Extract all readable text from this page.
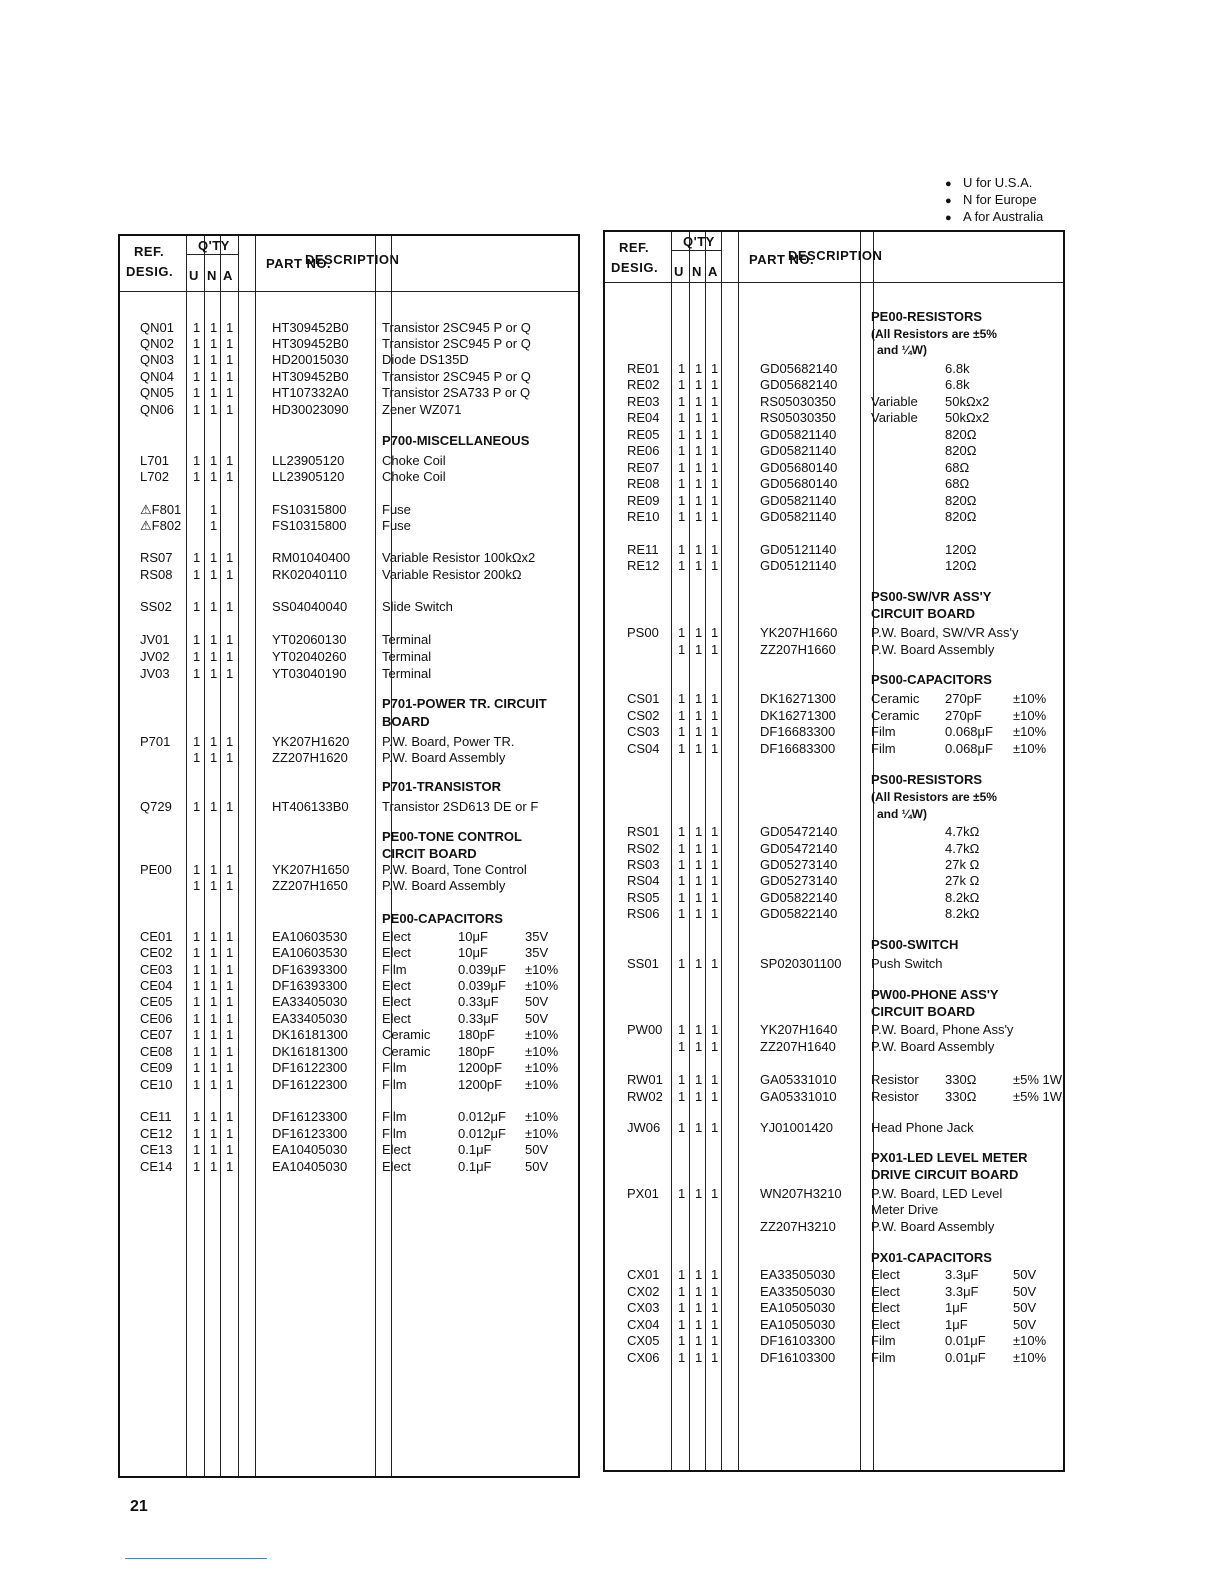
● U for U.S.A.
● N for Europe
● A for Australia
REF.
DESIG.
Q'TY
U N A
PART NO.
DESCRIPTION
P700-MISCELLANEOUS
P701-POWER TR. CIRCUIT
BOARD
P701-TRANSISTOR
PE00-TONE CONTROL
CIRCIT BOARD
PE00-CAPACITORS
QN01 1 1 1	HT309452B0	Transistor 2SC945 P or Q
QN02 1 1 1	HT309452B0	Transistor 2SC945 P or Q
QN03 1 1 1	HD20015030	Diode DS135D
QN04 1 1 1	HT309452B0	Transistor 2SC945 P or Q
QN05 1 1 1	HT107332A0	Transistor 2SA733 P or Q
QN06 1 1 1	HD30023090	Zener WZ071
L701 1 1 1	LL23905120	Choke Coil
L702 1 1 1	LL23905120	Choke Coil
⚠F801 1	FS10315800	Fuse
⚠F802 1	FS10315800	Fuse
RS07 1 1 1	RM01040400 Variable Resistor 100kΩx2
RS08 1 1 1	RK02040110	Variable Resistor 200kΩ
SS02 1 1 1	SS04040040	Slide Switch
JV01 1 1 1	YT02060130	Terminal
JV02 1 1 1	YT02040260	Terminal
JV03 1 1 1	YT03040190	Terminal
P701 1 1 1	YK207H1620	P.W. Board, Power TR.
1 1 1	ZZ207H1620	P.W. Board Assembly
Q729 1 1 1	HT406133B0	Transistor 2SD613 DE or F
PE00 1 1 1	YK207H1650	P.W. Board, Tone Control
1 1 1	ZZ207H1650	P.W. Board Assembly
CE01 1 1 1	EA10603530	Elect	10μF	35V
CE02 1 1 1	EA10603530	Elect	10μF	35V
CE03 1 1 1	DF16393300	Film	0.039μF ±10%
CE04 1 1 1	DF16393300	Elect	0.039μF ±10%
CE05 1 1 1	EA33405030	Elect	0.33μF 50V
CE06 1 1 1	EA33405030	Elect	0.33μF 50V
CE07 1 1 1	DK16181300	Ceramic 180pF ±10%
CE08 1 1 1	DK16181300	Ceramic 180pF ±10%
CE09 1 1 1	DF16122300	Film	1200pF ±10%
CE10 1 1 1	DF16122300	Film	1200pF ±10%
CE11 1 1 1	DF16123300	Film	0.012μF ±10%
CE12 1 1 1	DF16123300	Film	0.012μF ±10%
CE13 1 1 1	EA10405030	Elect	0.1μF	50V
CE14 1 1 1	EA10405030	Elect	0.1μF	50V
REF.
DESIG.
Q'TY
U N A
PART NO.
DESCRIPTION
PE00-RESISTORS
(All Resistors are ±5%
and ¼W)
PS00-SW/VR ASS'Y
CIRCUIT BOARD
PS00-CAPACITORS
PS00-RESISTORS
(All Resistors are ±5%
and ¼W)
PS00-SWITCH
PW00-PHONE ASS'Y
CIRCUIT BOARD
PX01-LED LEVEL METER
DRIVE CIRCUIT BOARD
PX01-CAPACITORS
RE01 1 1 1	GD05682140	6.8k
RE02 1 1 1	GD05682140	6.8k
RE03 1 1 1	RS05030350	Variable 50kΩx2
RE04 1 1 1	RS05030350	Variable 50kΩx2
RE05 1 1 1	GD05821140	820Ω
RE06 1 1 1	GD05821140	820Ω
RE07 1 1 1	GD05680140	68Ω
RE08 1 1 1	GD05680140	68Ω
RE09 1 1 1	GD05821140	820Ω
RE10 1 1 1	GD05821140	820Ω
RE11 1 1 1	GD05121140	120Ω
RE12 1 1 1	GD05121140	120Ω
PS00 1 1 1	YK207H1660	P.W. Board, SW/VR Ass'y
1 1 1	ZZ207H1660	P.W. Board Assembly
CS01 1 1 1	DK16271300	Ceramic 270pF ±10%
CS02 1 1 1	DK16271300	Ceramic 270pF ±10%
CS03 1 1 1	DF16683300	Film	0.068μF ±10%
CS04 1 1 1	DF16683300	Film	0.068μF ±10%
RS01 1 1 1	GD05472140	4.7kΩ
RS02 1 1 1	GD05472140	4.7kΩ
RS03 1 1 1	GD05273140	27k Ω
RS04 1 1 1	GD05273140	27k Ω
RS05 1 1 1	GD05822140	8.2kΩ
RS06 1 1 1	GD05822140	8.2kΩ
SS01 1 1 1	SP020301100 Push Switch
PW00 1 1 1	YK207H1640	P.W. Board, Phone Ass'y
1 1 1	ZZ207H1640	P.W. Board Assembly
RW01 1 1 1	GA05331010	Resistor 330Ω	±5% 1W
RW02 1 1 1	GA05331010	Resistor 330Ω	±5% 1W
JW06 1 1 1	YJ01001420	Head Phone Jack
PX01 1 1 1	WN207H3210 P.W. Board, LED Level
Meter Drive
ZZ207H3210	P.W. Board Assembly
CX01 1 1 1	EA33505030	Elect	3.3μF	50V
CX02 1 1 1	EA33505030	Elect	3.3μF	50V
CX03 1 1 1	EA10505030	Elect	1μF	50V
CX04 1 1 1	EA10505030	Elect	1μF	50V
CX05 1 1 1	DF16103300	Film	0.01μF ±10%
CX06 1 1 1	DF16103300	Film	0.01μF ±10%
21
